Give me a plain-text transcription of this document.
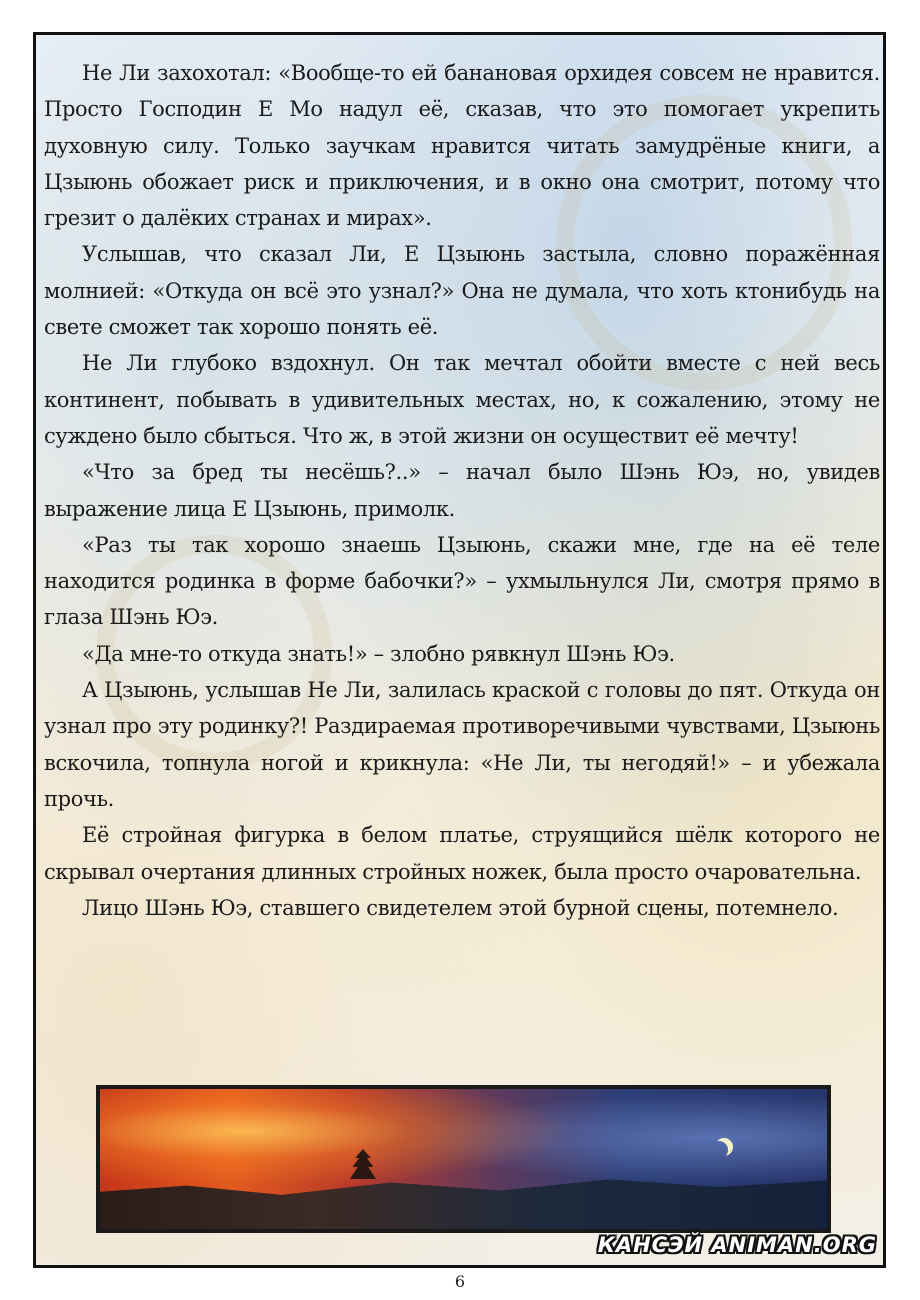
Не Ли захохотал: «Вообще-то ей банановая орхидея совсем не нравится. Просто Господин Е Мо надул её, сказав, что это помогает укрепить духовную силу. Только заучкам нравится читать замудрёные книги, а Цзыюнь обожает риск и приключения, и в окно она смотрит, потому что грезит о далёких странах и мирах».

Услышав, что сказал Ли, Е Цзыюнь застыла, словно поражённая молнией: «Откуда он всё это узнал?» Она не думала, что хоть ктонибудь на свете сможет так хорошо понять её.

Не Ли глубоко вздохнул. Он так мечтал обойти вместе с ней весь континент, побывать в удивительных местах, но, к сожалению, этому не суждено было сбыться. Что ж, в этой жизни он осуществит её мечту!

«Что за бред ты несёшь?..» – начал было Шэнь Юэ, но, увидев выражение лица Е Цзыюнь, примолк.

«Раз ты так хорошо знаешь Цзыюнь, скажи мне, где на её теле находится родинка в форме бабочки?» – ухмыльнулся Ли, смотря прямо в глаза Шэнь Юэ.

«Да мне-то откуда знать!» – злобно рявкнул Шэнь Юэ.

А Цзыюнь, услышав Не Ли, залилась краской с головы до пят. Откуда он узнал про эту родинку?! Раздираемая противоречивыми чувствами, Цзыюнь вскочила, топнула ногой и крикнула: «Не Ли, ты негодяй!» – и убежала прочь.

Её стройная фигурка в белом платье, струящийся шёлк которого не скрывал очертания длинных стройных ножек, была просто очаровательна.

Лицо Шэнь Юэ, ставшего свидетелем этой бурной сцены, потемнело.

КАНСЭЙ ANIMAN.ORG
6
